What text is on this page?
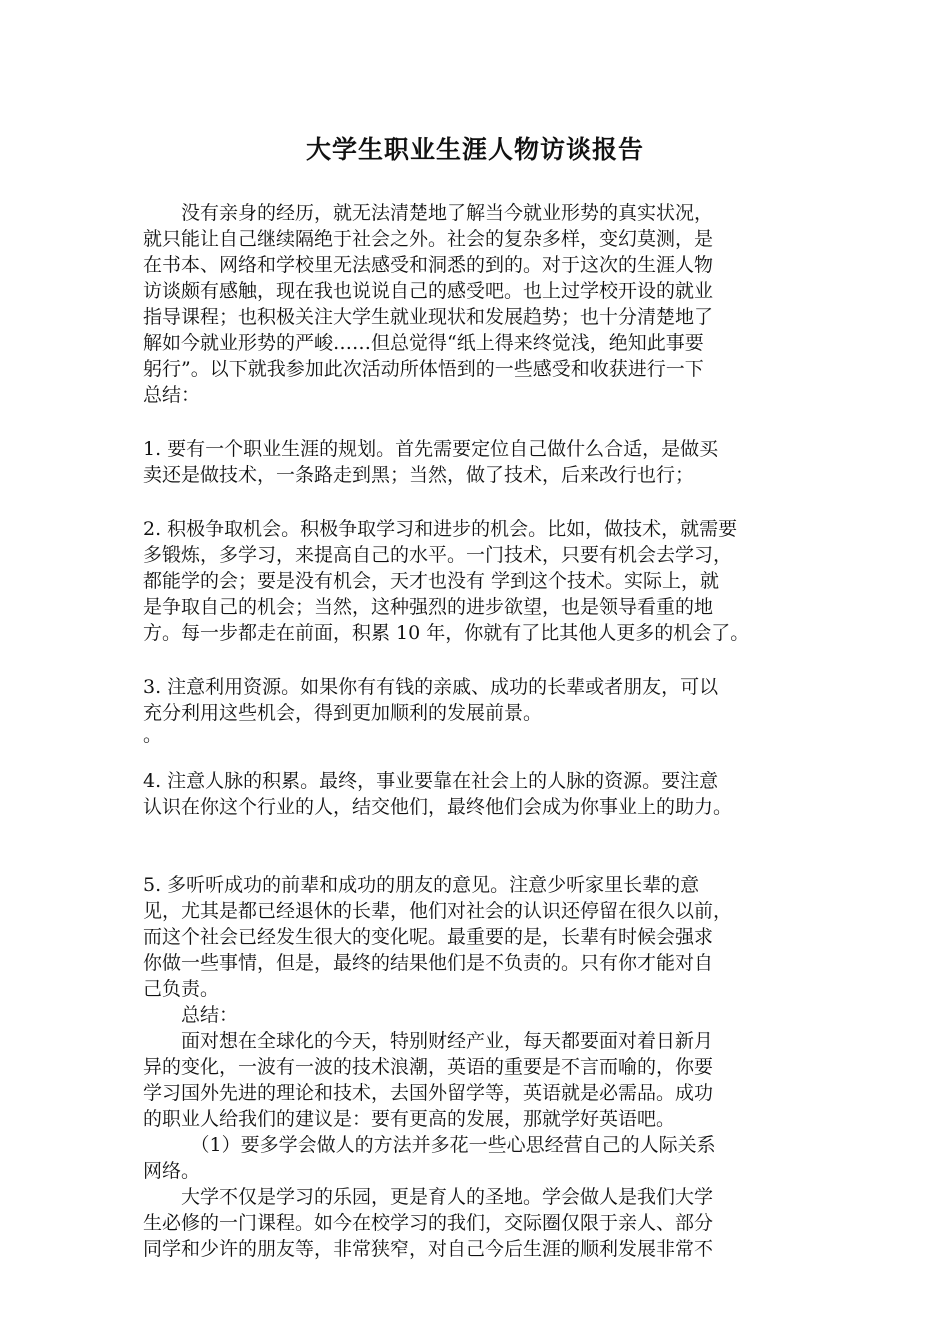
大学生职业生涯人物访谈报告

　　没有亲身的经历，就无法清楚地了解当今就业形势的真实状况，

就只能让自己继续隔绝于社会之外。社会的复杂多样，变幻莫测，是

在书本、网络和学校里无法感受和洞悉的到的。对于这次的生涯人物

访谈颇有感触，现在我也说说自己的感受吧。也上过学校开设的就业

指导课程；也积极关注大学生就业现状和发展趋势；也十分清楚地了

解如今就业形势的严峻……但总觉得“纸上得来终觉浅，绝知此事要

躬行”。以下就我参加此次活动所体悟到的一些感受和收获进行一下

总结：

1. 要有一个职业生涯的规划。首先需要定位自己做什么合适，是做买

卖还是做技术，一条路走到黑；当然，做了技术，后来改行也行；

2. 积极争取机会。积极争取学习和进步的机会。比如，做技术，就需要

多锻炼，多学习，来提高自己的水平。一门技术，只要有机会去学习，

都能学的会；要是没有机会，天才也没有 学到这个技术。实际上，就

是争取自己的机会；当然，这种强烈的进步欲望，也是领导看重的地

方。每一步都走在前面，积累 10 年，你就有了比其他人更多的机会了。

3. 注意利用资源。如果你有有钱的亲戚、成功的长辈或者朋友，可以

充分利用这些机会，得到更加顺利的发展前景。

。

4. 注意人脉的积累。最终，事业要靠在社会上的人脉的资源。要注意

认识在你这个行业的人，结交他们，最终他们会成为你事业上的助力。

5. 多听听成功的前辈和成功的朋友的意见。注意少听家里长辈的意

见，尤其是都已经退休的长辈，他们对社会的认识还停留在很久以前，

而这个社会已经发生很大的变化呢。最重要的是，长辈有时候会强求

你做一些事情，但是，最终的结果他们是不负责的。只有你才能对自

己负责。

　　总结：

　　面对想在全球化的今天，特别财经产业，每天都要面对着日新月

异的变化，一波有一波的技术浪潮，英语的重要是不言而喻的，你要

学习国外先进的理论和技术，去国外留学等，英语就是必需品。成功

的职业人给我们的建议是：要有更高的发展，那就学好英语吧。

　　　（1）要多学会做人的方法并多花一些心思经营自己的人际关系

网络。

　　大学不仅是学习的乐园，更是育人的圣地。学会做人是我们大学

生必修的一门课程。如今在校学习的我们，交际圈仅限于亲人、部分

同学和少许的朋友等，非常狭窄，对自己今后生涯的顺利发展非常不
